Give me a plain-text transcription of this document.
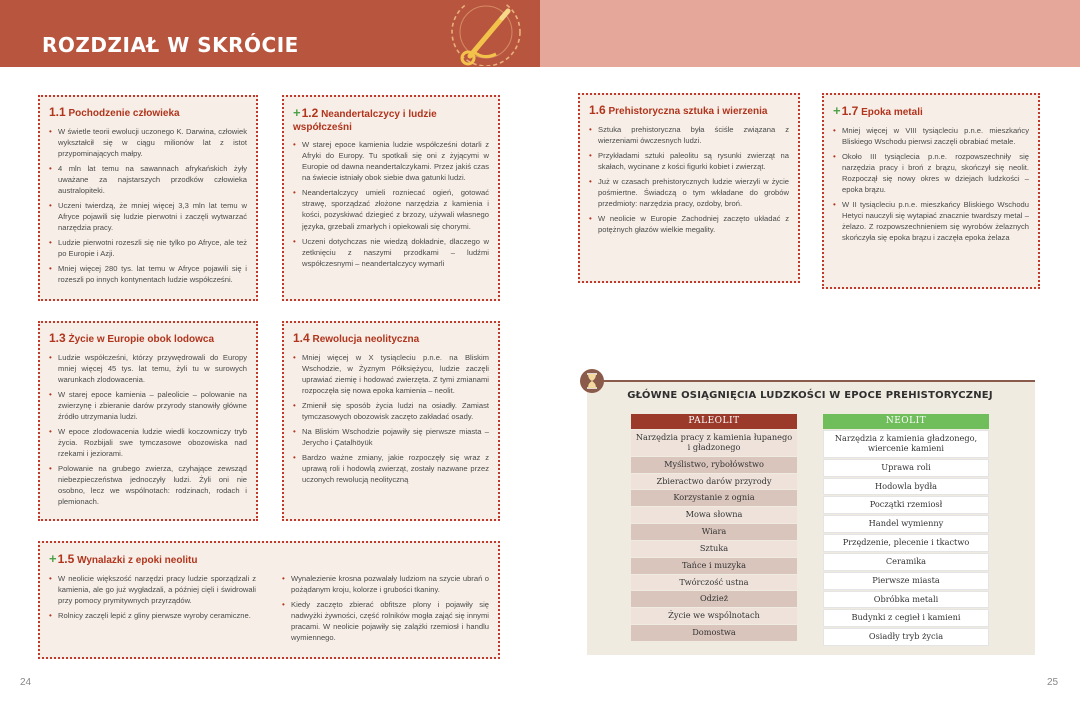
ROZDZIAŁ W SKRÓCIE
1.1 Pochodzenie człowieka
• W świetle teorii ewolucji uczonego K. Darwina, człowiek wykształcił się w ciągu milionów lat z istot przypominających małpy.
• 4 mln lat temu na sawannach afrykańskich żyły uważane za najstarszych przodków człowieka australopiteki.
• Uczeni twierdzą, że mniej więcej 3,3 mln lat temu w Afryce pojawili się ludzie pierwotni i zaczęli wytwarzać narzędzia pracy.
• Ludzie pierwotni rozeszli się nie tylko po Afryce, ale też po Europie i Azji.
• Mniej więcej 280 tys. lat temu w Afryce pojawili się i rozeszli po innych kontynentach ludzie współcześni.
+1.2 Neandertalczycy i ludzie współcześni
• W starej epoce kamienia ludzie współcześni dotarli z Afryki do Europy. Tu spotkali się oni z żyjącymi w Europie od dawna neandertalczykami. Przez jakiś czas na świecie istniały obok siebie dwa gatunki ludzi.
• Neandertalczycy umieli rozniecać ogień, gotować strawę, sporządzać złożone narzędzia z kamienia i kości, pozyskiwać dziegieć z brzozy, używali własnego języka, grzebali zmarłych i opiekowali się chorymi.
• Uczeni dotychczas nie wiedzą dokładnie, dlaczego w zetknięciu z naszymi przodkami – ludźmi współczesnymi – neandertalczycy wymarli
1.3 Życie w Europie obok lodowca
• Ludzie współcześni, którzy przywędrowali do Europy mniej więcej 45 tys. lat temu, żyli tu w surowych warunkach zlodowacenia.
• W starej epoce kamienia – paleolicie – polowanie na zwierzynę i zbieranie darów przyrody stanowiły główne źródło utrzymania ludzi.
• W epoce zlodowacenia ludzie wiedli koczowniczy tryb życia. Rozbijali swe tymczasowe obozowiska nad rzekami i jeziorami.
• Polowanie na grubego zwierza, czyhające zewsząd niebezpieczeństwa jednoczyły ludzi. Żyli oni nie osobno, lecz we wspólnotach: rodzinach, rodach i plemionach.
1.4 Rewolucja neolityczna
• Mniej więcej w X tysiącleciu p.n.e. na Bliskim Wschodzie, w Żyznym Półksiężycu, ludzie zaczęli uprawiać ziemię i hodować zwierzęta. Z tymi zmianami rozpoczęła się nowa epoka kamienia – neolit.
• Zmienił się sposób życia ludzi na osiadły. Zamiast tymczasowych obozowisk zaczęto zakładać osady.
• Na Bliskim Wschodzie pojawiły się pierwsze miasta – Jerycho i Çatalhöyük
• Bardzo ważne zmiany, jakie rozpoczęły się wraz z uprawą roli i hodowlą zwierząt, zostały nazwane przez uczonych rewolucją neolityczną
+1.5 Wynalazki z epoki neolitu
• W neolicie większość narzędzi pracy ludzie sporządzali z kamienia, ale go już wygładzali, a później cięli i świdrowali przy pomocy prymitywnych przyrządów.
• Rolnicy zaczęli lepić z gliny pierwsze wyroby ceramiczne.
• Wynalezienie krosna pozwalały ludziom na szycie ubrań o pożądanym kroju, kolorze i grubości tkaniny.
• Kiedy zaczęto zbierać obfitsze plony i pojawiły się nadwyżki żywności, część rolników mogła zająć się innymi pracami. W neolicie pojawiły się zalążki rzemiosł i handlu wymiennego.
1.6 Prehistoryczna sztuka i wierzenia
• Sztuka prehistoryczna była ściśle związana z wierzeniami ówczesnych ludzi.
• Przykładami sztuki paleolitu są rysunki zwierząt na skałach, wycinane z kości figurki kobiet i zwierząt.
• Już w czasach prehistorycznych ludzie wierzyli w życie pośmiertne. Świadczą o tym wkładane do grobów przedmioty: narzędzia pracy, ozdoby, broń.
• W neolicie w Europie Zachodniej zaczęto układać z potężnych głazów wielkie megality.
+1.7 Epoka metali
• Mniej więcej w VIII tysiącleciu p.n.e. mieszkańcy Bliskiego Wschodu pierwsi zaczęli obrabiać metale.
• Około III tysiąclecia p.n.e. rozpowszechniły się narzędzia pracy i broń z brązu, skończył się neolit. Rozpoczął się nowy okres w dziejach ludzkości – epoka brązu.
• W II tysiącleciu p.n.e. mieszkańcy Bliskiego Wschodu Hetyci nauczyli się wytapiać znacznie twardszy metal – żelazo. Z rozpowszechnieniem się wyrobów żelaznych skończyła się epoka brązu i zaczęła epoka żelaza
GŁÓWNE OSIĄGNIĘCIA LUDZKOŚCI W EPOCE PREHISTORYCZNEJ
PALEOLIT
Narzędzia pracy z kamienia łupanego i gładzonego
Myślistwo, rybołówstwo
Zbieractwo darów przyrody
Korzystanie z ognia
Mowa słowna
Wiara
Sztuka
Tańce i muzyka
Twórczość ustna
Odzież
Życie we wspólnotach
Domostwa
NEOLIT
Narzędzia z kamienia gładzonego, wiercenie kamieni
Uprawa roli
Hodowla bydła
Początki rzemiosł
Handel wymienny
Przędzenie, plecenie i tkactwo
Ceramika
Pierwsze miasta
Obróbka metali
Budynki z cegieł i kamieni
Osiadły tryb życia
24	25
